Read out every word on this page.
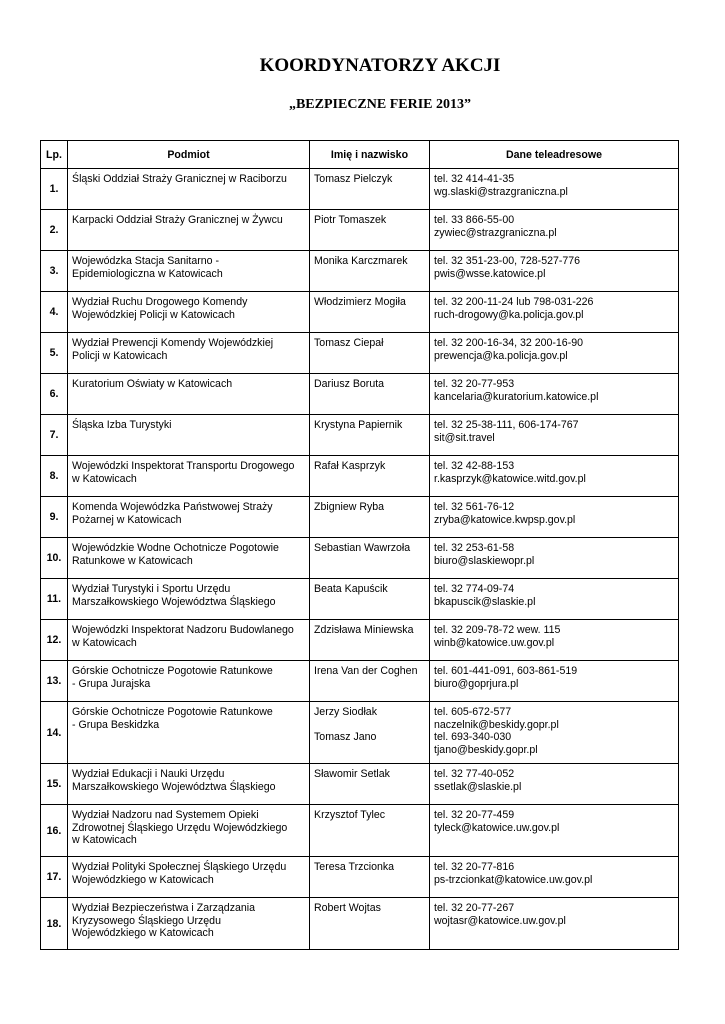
KOORDYNATORZY AKCJI
„BEZPIECZNE FERIE 2013”
Lp.	Podmiot	Imię i nazwisko	Dane teleadresowe
1.	Śląski Oddział Straży Granicznej w Raciborzu	Tomasz Pielczyk	tel. 32 414-41-35
wg.slaski@strazgraniczna.pl

2.	Karpacki Oddział Straży Granicznej w Żywcu	Piotr Tomaszek	tel. 33 866-55-00
zywiec@strazgraniczna.pl

3.	Wojewódzka Stacja Sanitarno -
Epidemiologiczna w Katowicach	Monika Karczmarek	tel. 32 351-23-00, 728-527-776
pwis@wsse.katowice.pl

4.	Wydział Ruchu Drogowego Komendy
Wojewódzkiej Policji w Katowicach	Włodzimierz Mogiła	tel. 32 200-11-24 lub 798-031-226
ruch-drogowy@ka.policja.gov.pl

5.	Wydział Prewencji Komendy Wojewódzkiej
Policji w Katowicach	Tomasz Ciepał	tel. 32 200-16-34, 32 200-16-90
prewencja@ka.policja.gov.pl

6.	Kuratorium Oświaty w Katowicach	Dariusz Boruta	tel. 32 20-77-953
kancelaria@kuratorium.katowice.pl

7.	Śląska Izba Turystyki	Krystyna Papiernik	tel. 32 25-38-111, 606-174-767
sit@sit.travel

8.	Wojewódzki Inspektorat Transportu Drogowego
w Katowicach	Rafał Kasprzyk	tel. 32 42-88-153
r.kasprzyk@katowice.witd.gov.pl

9.	Komenda Wojewódzka Państwowej Straży
Pożarnej w Katowicach	Zbigniew Ryba	tel. 32 561-76-12
zryba@katowice.kwpsp.gov.pl

10.	Wojewódzkie Wodne Ochotnicze Pogotowie
Ratunkowe w Katowicach	Sebastian Wawrzoła	tel. 32 253-61-58
biuro@slaskiewopr.pl

11.	Wydział Turystyki i Sportu Urzędu
Marszałkowskiego Województwa Śląskiego	Beata Kapuścik	tel. 32 774-09-74
bkapuscik@slaskie.pl

12.	Wojewódzki Inspektorat Nadzoru Budowlanego
w Katowicach	Zdzisława Miniewska	tel. 32 209-78-72 wew. 115
winb@katowice.uw.gov.pl

13.	Górskie Ochotnicze Pogotowie Ratunkowe
- Grupa Jurajska	Irena Van der Coghen	tel. 601-441-091, 603-861-519
biuro@goprjura.pl

14.	Górskie Ochotnicze Pogotowie Ratunkowe
- Grupa Beskidzka	Jerzy Siodłak
Tomasz Jano	tel. 605-672-577
naczelnik@beskidy.gopr.pl
tel. 693-340-030
tjano@beskidy.gopr.pl

15.	Wydział Edukacji i Nauki Urzędu
Marszałkowskiego Województwa Śląskiego	Sławomir Setlak	tel. 32 77-40-052
ssetlak@slaskie.pl

16.	Wydział Nadzoru nad Systemem Opieki
Zdrowotnej Śląskiego Urzędu Wojewódzkiego
w Katowicach	Krzysztof Tylec	tel. 32 20-77-459
tyleck@katowice.uw.gov.pl

17.	Wydział Polityki Społecznej Śląskiego Urzędu
Wojewódzkiego w Katowicach	Teresa Trzcionka	tel. 32 20-77-816
ps-trzcionkat@katowice.uw.gov.pl

18.	Wydział Bezpieczeństwa i Zarządzania
Kryzysowego Śląskiego Urzędu
Wojewódzkiego w Katowicach	Robert Wojtas	tel. 32 20-77-267
wojtasr@katowice.uw.gov.pl
